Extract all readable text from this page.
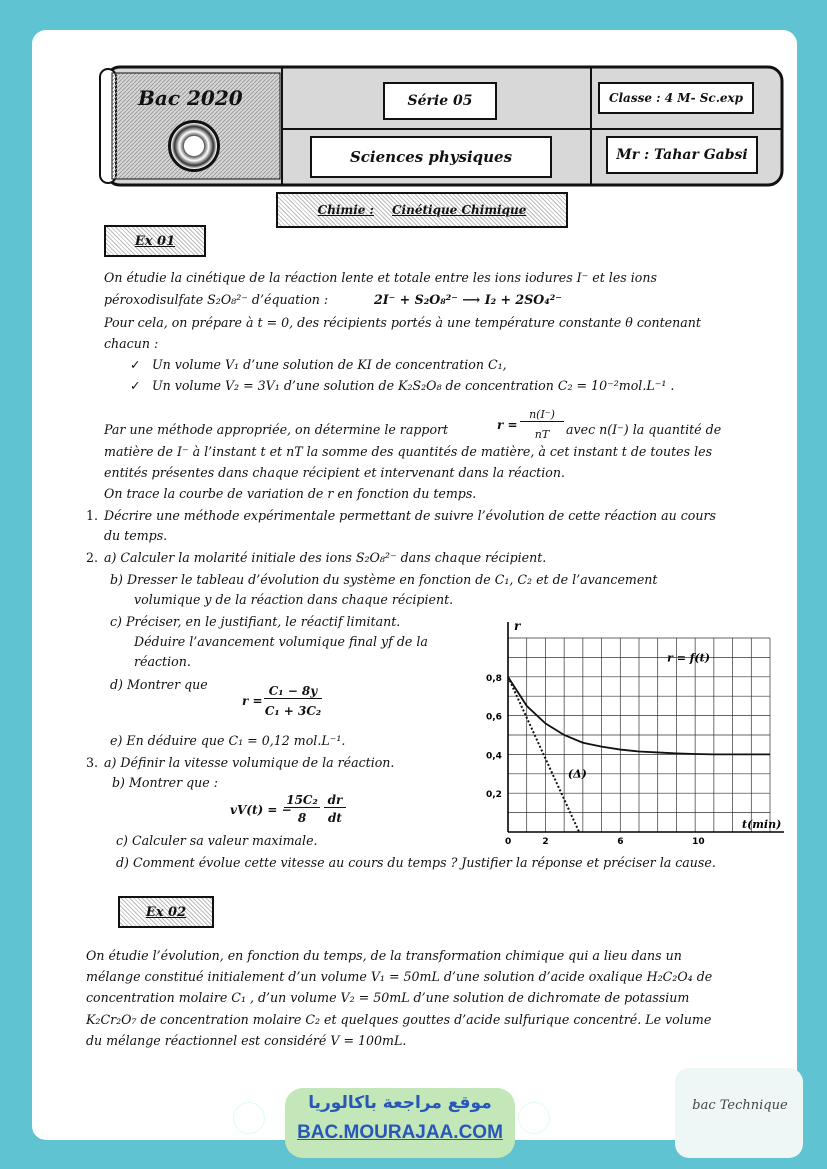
Bac 2020	Série 05	Classe : 4 M- Sc.exp
Sciences physiques	Mr : Tahar Gabsi
Chimie : Cinétique Chimique
Ex 01
On étudie la cinétique de la réaction lente et totale entre les ions iodures I⁻ et les ions
péroxodisulfate S₂O₈²⁻ d’équation :	2I⁻ + S₂O₈²⁻ ⟶ I₂ + 2SO₄²⁻
Pour cela, on prépare à t = 0, des récipients portés à une température constante θ contenant
chacun :
✓ Un volume V₁ d’une solution de KI de concentration C₁,
✓ Un volume V₂ = 3V₁ d’une solution de K₂S₂O₈ de concentration C₂ = 10⁻²mol.L⁻¹ .
Par une méthode appropriée, on détermine le rapport	r =
n(I⁻)
nT	avec n(I⁻) la quantité de
matière de I⁻ à l’instant t et nT la somme des quantités de matière, à cet instant t de toutes les
entités présentes dans chaque récipient et intervenant dans la réaction.
On trace la courbe de variation de r en fonction du temps.
1. Décrire une méthode expérimentale permettant de suivre l’évolution de cette réaction au cours
du temps.
2. a) Calculer la molarité initiale des ions S₂O₈²⁻ dans chaque récipient.
b) Dresser le tableau d’évolution du système en fonction de C₁, C₂ et de l’avancement
volumique y de la réaction dans chaque récipient.
c) Préciser, en le justifiant, le réactif limitant.
Déduire l’avancement volumique final yf de la
réaction.
d) Montrer que
r =
C₁ − 8y
C₁ + 3C₂
e) En déduire que C₁ = 0,12 mol.L⁻¹.
3. a) Définir la vitesse volumique de la réaction.
b) Montrer que :
vV(t) = −
15C₂
8
dr
dt
c) Calculer sa valeur maximale.
d) Comment évolue cette vitesse au cours du temps ? Justifier la réponse et préciser la cause.
0,2
0,4
0,6
0,8
0	2	6	10
r
t(min)
r = f(t)
(Δ)
Ex 02
On étudie l’évolution, en fonction du temps, de la transformation chimique qui a lieu dans un
mélange constitué initialement d’un volume V₁ = 50mL d’une solution d’acide oxalique H₂C₂O₄ de
concentration molaire C₁ , d’un volume V₂ = 50mL d’une solution de dichromate de potassium
K₂Cr₂O₇ de concentration molaire C₂ et quelques gouttes d’acide sulfurique concentré. Le volume
du mélange réactionnel est considéré V = 100mL.
موقع مراجعة باكالوريا
BAC.MOURAJAA.COM
bac Technique
